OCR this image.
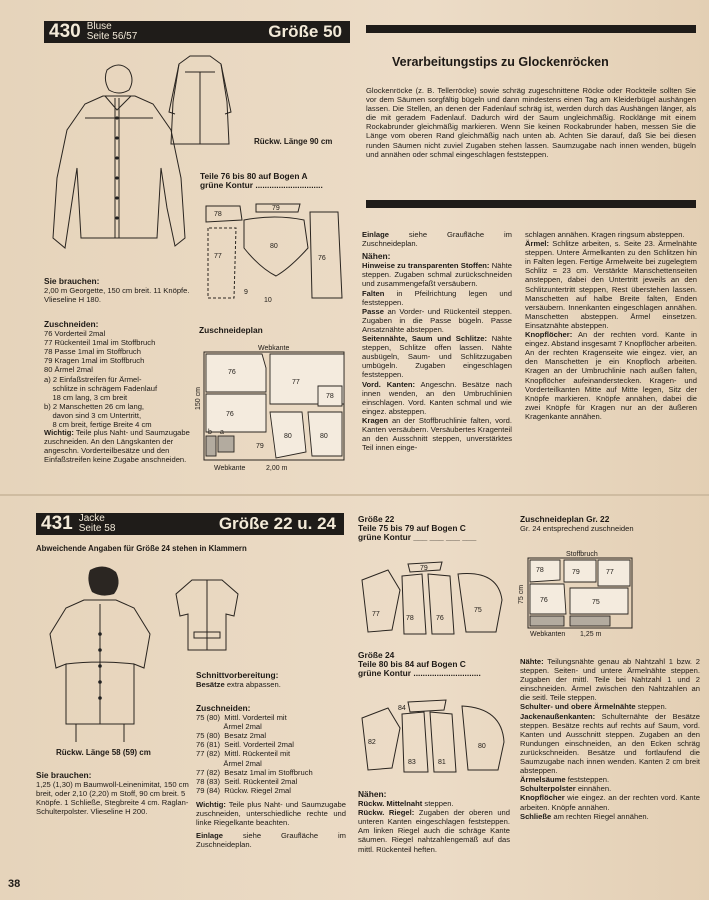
430 Bluse
Seite 56/57	Größe 50
Rückw. Länge 90 cm

Teile 76 bis 80 auf Bogen A

grüne Kontur .............................

78
79
77
80
76
9
10

Zuschneideplan

Webkante
Webkante	2,00 m
150 cm
76
76
77
78
79
80	80
b a

Sie brauchen:

2,00 m Georgette, 150 cm breit. 11 Knöpfe. Vlieseline H 180.

Zuschneiden:

76 Vorderteil 2mal

77 Rückenteil 1mal im Stoffbruch

78 Passe 1mal im Stoffbruch

79 Kragen 1mal im Stoffbruch

80 Ärmel 2mal

a) 2 Einfaßstreifen für Ärmel-

schlitze in schrägem Fadenlauf

18 cm lang, 3 cm breit

b) 2 Manschetten 26 cm lang,

davon sind 3 cm Untertritt,

8 cm breit, fertige Breite 4 cm

Wichtig: Teile plus Naht- und Saumzugabe zuschneiden. An den Längskanten der angeschn. Vorderteilbesätze und den Einfaßstreifen keine Zugabe anschneiden.

Verarbeitungstips zu Glockenröcken
Glockenröcke (z. B. Tellerröcke) sowie schräg zugeschnittene Röcke oder Rockteile sollten Sie vor dem Säumen sorgfältig bügeln und dann mindestens einen Tag am Kleiderbügel aushängen lassen. Die Stellen, an denen der Fadenlauf schräg ist, werden durch das Aushängen länger, als die mit geradem Fadenlauf. Dadurch wird der Saum ungleichmäßig. Rocklänge mit einem Rockabrunder gleichmäßig markieren. Wenn Sie keinen Rockabrunder haben, messen Sie die Länge vom oberen Rand gleichmäßig nach unten ab. Achten Sie darauf, daß Sie bei diesen runden Säumen nicht zuviel Zugaben stehen lassen. Saumzugabe nach innen wenden, bügeln und annähen oder schmal eingeschlagen feststeppen.

Einlage siehe Graufläche im Zuschneideplan.

Nähen:

Hinweise zu transparenten Stoffen: Nähte steppen. Zugaben schmal zurückschneiden und zusammengefaßt versäubern.

Falten in Pfeilrichtung legen und feststeppen.

Passe an Vorder- und Rückenteil steppen. Zugaben in die Passe bügeln. Passe Ansatznähte absteppen.

Seitennähte, Saum und Schlitze: Nähte steppen, Schlitze offen lassen. Nähte ausbügeln, Saum- und Schlitzzugaben umbügeln. Zugaben eingeschlagen feststeppen.

Vord. Kanten: Angeschn. Besätze nach innen wenden, an den Umbruchlinien einschlagen. Vord. Kanten schmal und wie eingez. absteppen.

Kragen an der Stoffbruchlinie falten, vord. Kanten versäubern. Versäubertes Kragenteil an den Ausschnitt steppen, unverstärktes Teil innen einge-

schlagen annähen. Kragen ringsum absteppen.

Ärmel: Schlitze arbeiten, s. Seite 23. Ärmelnähte steppen. Untere Ärmelkanten zu den Schlitzen hin in Falten legen. Fertige Ärmelweite bei zugelegtem Schlitz = 23 cm. Verstärkte Manschettenseiten ansteppen, dabei den Untertritt jeweils an den Schlitzuntertritt steppen, Rest überstehen lassen. Manschetten auf halbe Breite falten, Enden versäubern. Innenkanten eingeschlagen annähen. Manschetten absteppen. Ärmel einsetzen. Einsatznähte absteppen.

Knopflöcher: An der rechten vord. Kante in eingez. Abstand insgesamt 7 Knopflöcher arbeiten. An der rechten Kragenseite wie eingez. vier, an den Manschetten je ein Knopfloch arbeiten. Kragen an der Umbruchlinie nach außen falten, Knopflöcher aufeinanderstecken. Kragen- und Vorderteilkanten Mitte auf Mitte legen, Sitz der Knöpfe markieren. Knöpfe annähen, dabei die zwei Knöpfe für Kragen nur an der äußeren Kragenkante annähen.

431 Jacke
Seite 58	Größe 22 u. 24
Abweichende Angaben für Größe 24 stehen in Klammern
Rückw. Länge 58 (59) cm

Sie brauchen:

1,25 (1,30) m Baumwoll-Leinenimitat, 150 cm breit, oder 2,10 (2,20) m Stoff, 90 cm breit. 5 Knöpfe. 1 Schließe, Stegbreite 4 cm. Raglan-Schulterpolster. Vlieseline H 200.

Schnittvorbereitung:

Besätze extra abpassen.

Zuschneiden:

75 (80)  Mittl. Vorderteil mit

Ärmel 2mal

75 (80)  Besatz 2mal

76 (81)  Seitl. Vorderteil 2mal

77 (82)  Mittl. Rückenteil mit

Ärmel 2mal

77 (82)  Besatz 1mal im Stoffbruch

78 (83)  Seitl. Rückenteil 2mal

79 (84)  Rückw. Riegel 2mal

Wichtig: Teile plus Naht- und Saumzugabe zuschneiden, unterschiedliche rechte und linke Riegelkante beachten.

Einlage siehe Graufläche im Zuschneideplan.

Größe 22

Teile 75 bis 79 auf Bogen C

grüne Kontur ___ ___ ___ ___

79
78
77
76
75

Größe 24

Teile 80 bis 84 auf Bogen C

grüne Kontur .............................

84
82
83	81
80

Nähen:

Rückw. Mittelnaht steppen.

Rückw. Riegel: Zugaben der oberen und unteren Kanten eingeschlagen feststeppen. Am linken Riegel auch die schräge Kante säumen. Riegel nahtzahlengemäß auf das mittl. Rückenteil heften.

Zuschneideplan Gr. 22

Gr. 24 entsprechend zuschneiden

Stoffbruch
Webkanten 1,25 m
75 cm
78	79	77
76	75

Nähte: Teilungsnähte genau ab Nahtzahl 1 bzw. 2 steppen. Seiten- und untere Ärmelnähte steppen. Zugaben der mittl. Teile bei Nahtzahl 1 und 2 einschneiden. Ärmel zwischen den Nahtzahlen an die seitl. Teile steppen.

Schulter- und obere Ärmelnähte steppen.

Jackenaußenkanten: Schulternähte der Besätze steppen. Besätze rechts auf rechts auf Saum, vord. Kanten und Ausschnitt steppen. Zugaben an den Rundungen einschneiden, an den Ecken schräg zurückschneiden. Besätze und fortlaufend die Saumzugabe nach innen wenden. Kanten 2 cm breit absteppen.

Ärmelsäume feststeppen.

Schulterpolster einnähen.

Knopflöcher wie eingez. an der rechten vord. Kante arbeiten. Knöpfe annähen.

Schließe am rechten Riegel annähen.

38
